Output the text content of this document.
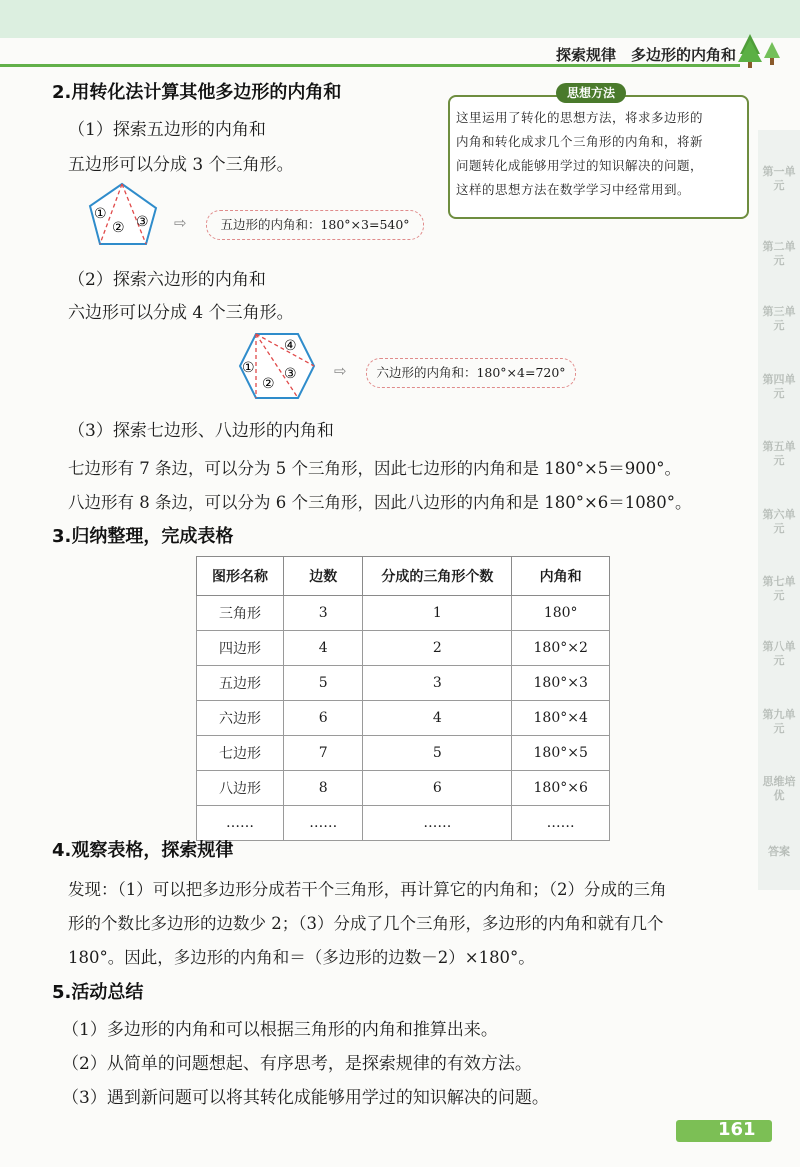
探索规律　多边形的内角和
第一单元
第二单元
第三单元
第四单元
第五单元
第六单元
第七单元
第八单元
第九单元
思维培优
答案
2.用转化法计算其他多边形的内角和
（1）探索五边形的内角和
五边形可以分成 3 个三角形。
思想方法
这里运用了转化的思想方法，将求多边形的
内角和转化成求几个三角形的内角和，将新
问题转化成能够用学过的知识解决的问题，
这样的思想方法在数学学习中经常用到。
①
② ③ ⇨	五边形的内角和：180°×3=540°
（2）探索六边形的内角和
六边形可以分成 4 个三角形。
①
②
③
④
⇨	六边形的内角和：180°×4=720°
（3）探索七边形、八边形的内角和
七边形有 7 条边，可以分为 5 个三角形，因此七边形的内角和是 180°×5＝900°。
八边形有 8 条边，可以分为 6 个三角形，因此八边形的内角和是 180°×6＝1080°。
3.归纳整理，完成表格
图形名称	边数	分成的三角形个数	内角和
三角形	3	1	180°
四边形	4	2	180°×2
五边形	5	3	180°×3
六边形	6	4	180°×4
七边形	7	5	180°×5
八边形	8	6	180°×6
……	……	……	……
4.观察表格，探索规律
发现：（1）可以把多边形分成若干个三角形，再计算它的内角和；（2）分成的三角
形的个数比多边形的边数少 2；（3）分成了几个三角形，多边形的内角和就有几个
180°。因此，多边形的内角和＝（多边形的边数－2）×180°。
5.活动总结
（1）多边形的内角和可以根据三角形的内角和推算出来。
（2）从简单的问题想起、有序思考，是探索规律的有效方法。
（3）遇到新问题可以将其转化成能够用学过的知识解决的问题。
161
